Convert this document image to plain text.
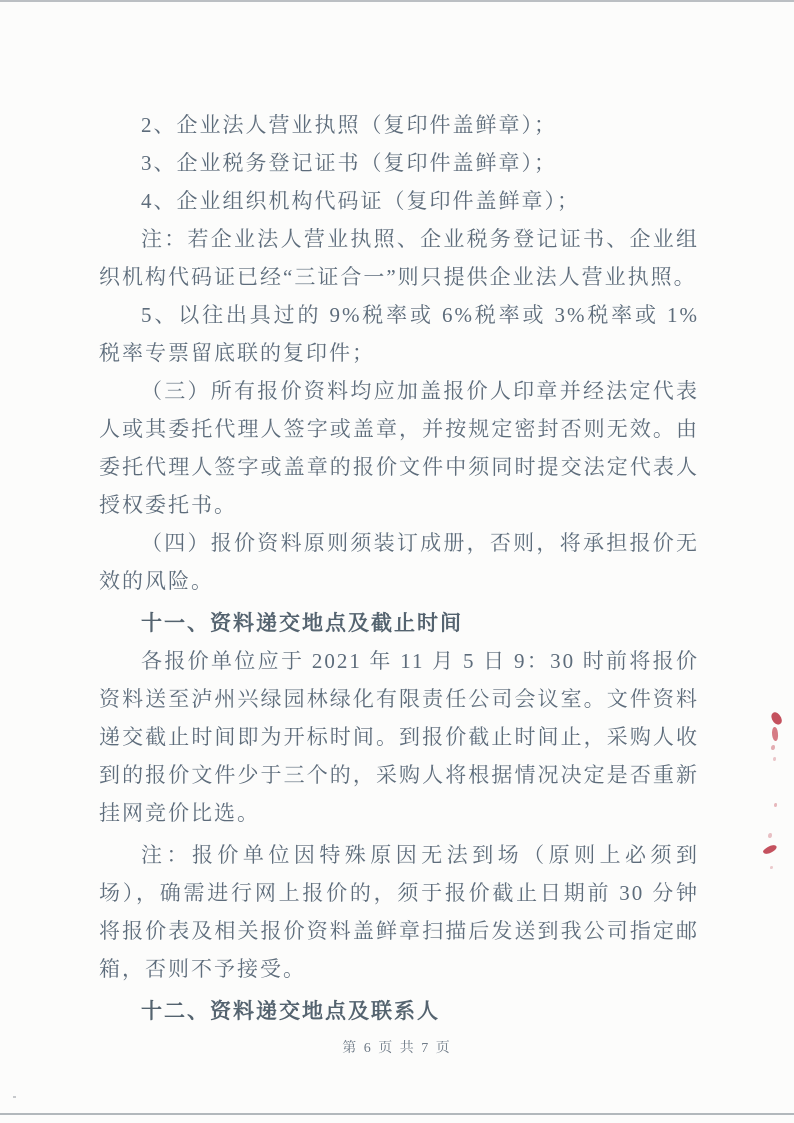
2、企业法人营业执照（复印件盖鲜章）；

3、企业税务登记证书（复印件盖鲜章）；

4、企业组织机构代码证（复印件盖鲜章）；

注：若企业法人营业执照、企业税务登记证书、企业组织机构代码证已经“三证合一”则只提供企业法人营业执照。

5、以往出具过的 9%税率或 6%税率或 3%税率或 1%税率专票留底联的复印件；

（三）所有报价资料均应加盖报价人印章并经法定代表人或其委托代理人签字或盖章，并按规定密封否则无效。由委托代理人签字或盖章的报价文件中须同时提交法定代表人授权委托书。

（四）报价资料原则须装订成册，否则，将承担报价无效的风险。

十一、资料递交地点及截止时间

各报价单位应于 2021 年 11 月 5 日 9：30 时前将报价资料送至泸州兴绿园林绿化有限责任公司会议室。文件资料递交截止时间即为开标时间。到报价截止时间止，采购人收到的报价文件少于三个的，采购人将根据情况决定是否重新挂网竞价比选。

注：报价单位因特殊原因无法到场（原则上必须到场），确需进行网上报价的，须于报价截止日期前 30 分钟将报价表及相关报价资料盖鲜章扫描后发送到我公司指定邮箱，否则不予接受。

十二、资料递交地点及联系人

第 6 页 共 7 页
